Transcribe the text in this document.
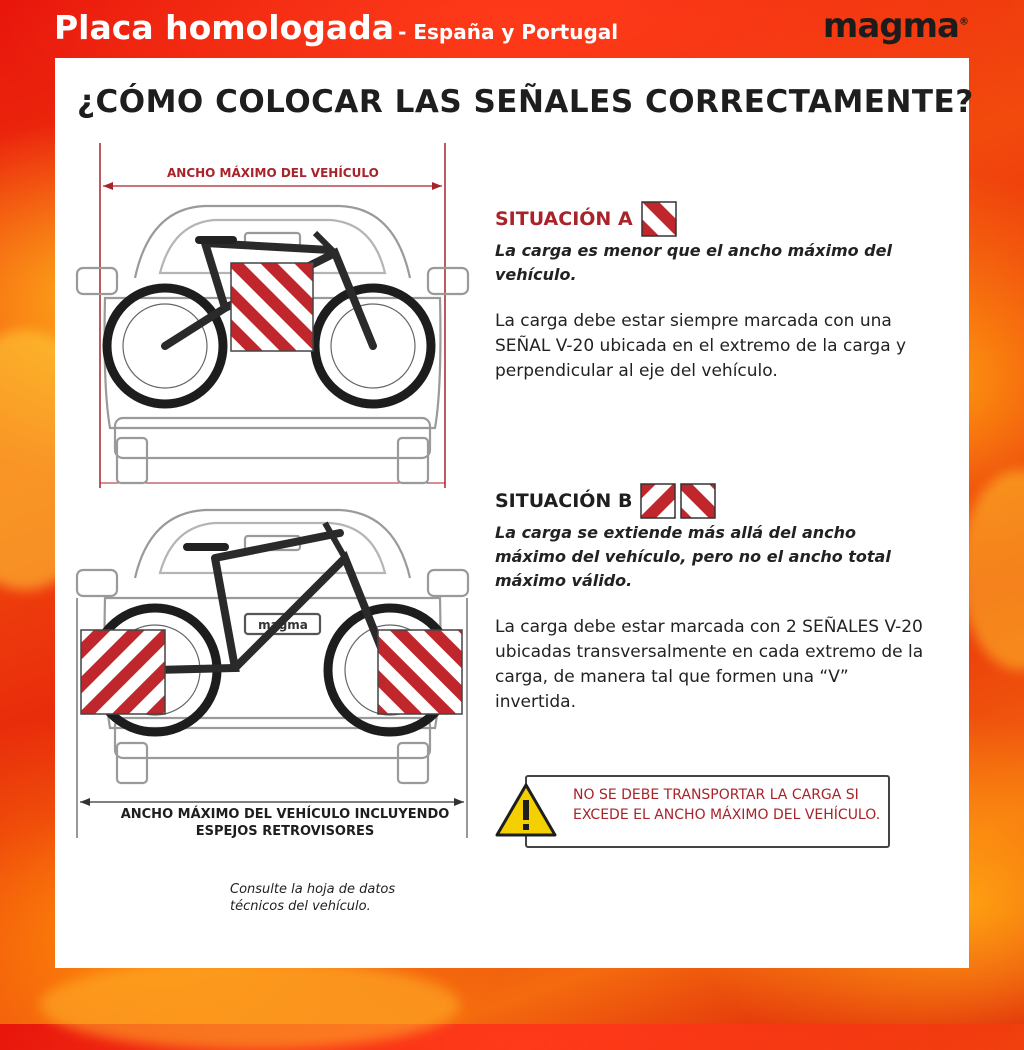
Placa homologada - España y Portugal	magma®
¿CÓMO COLOCAR LAS SEÑALES CORRECTAMENTE?
magma
ANCHO MÁXIMO DEL VEHÍCULO
ANCHO MÁXIMO DEL VEHÍCULO INCLUYENDO
ESPEJOS RETROVISORES
Consulte la hoja de datos
técnicos del vehículo.
SITUACIÓN A
La carga es menor que el ancho máximo del vehículo.
La carga debe estar siempre marcada con una SEÑAL V-20 ubicada en el extremo de la carga y perpendicular al eje del vehículo.
SITUACIÓN B
La carga se extiende más allá del ancho máximo del vehículo, pero no el ancho total máximo válido.
La carga debe estar marcada con 2 SEÑALES V-20 ubicadas transversalmente en cada extremo de la carga, de manera tal que formen una “V” invertida.
NO SE DEBE TRANSPORTAR LA CARGA SI EXCEDE EL ANCHO MÁXIMO DEL VEHÍCULO.
